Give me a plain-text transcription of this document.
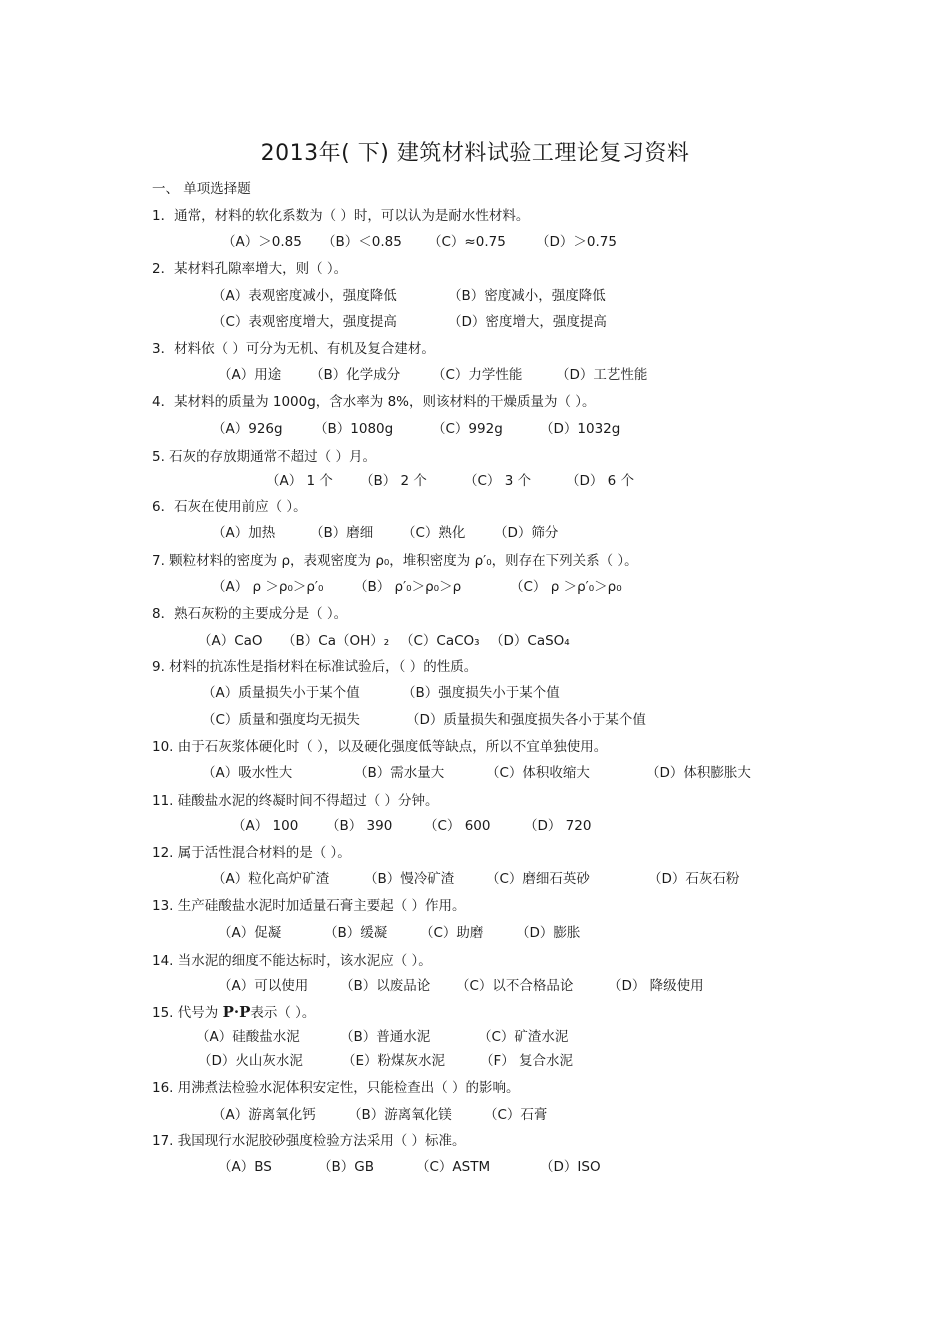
2013年( 下) 建筑材料试验工理论复习资料
一、 单项选择题
1．通常，材料的软化系数为（ ）时，可以认为是耐水性材料。
（A）＞0.85 （B）＜0.85 （C）≈0.75 （D）＞0.75
2．某材料孔隙率增大，则（ ）。
（A）表观密度减小，强度降低	（B）密度减小，强度降低
（C）表观密度增大，强度提高	（D）密度增大，强度提高
3．材料依（ ）可分为无机、有机及复合建材。
（A）用途 （B）化学成分 （C）力学性能 （D）工艺性能
4．某材料的质量为 1000g，含水率为 8%，则该材料的干燥质量为（ ）。
（A）926g （B）1080g	（C）992g	（D）1032g
5. 石灰的存放期通常不超过（ ）月。
（A） 1 个 （B） 2 个	（C） 3 个	（D） 6 个
6．石灰在使用前应（ ）。
（A）加热	（B）磨细 （C）熟化 （D）筛分
7. 颗粒材料的密度为 ρ，表观密度为 ρ₀，堆积密度为 ρ′₀，则存在下列关系（ ）。
（A） ρ ＞ρ₀＞ρ′₀ （B） ρ′₀＞ρ₀＞ρ	（C） ρ ＞ρ′₀＞ρ₀
8．熟石灰粉的主要成分是（ ）。
（A）CaO （B）Ca（OH）₂ （C）CaCO₃ （D）CaSO₄
9. 材料的抗冻性是指材料在标准试验后，（ ）的性质。
（A）质量损失小于某个值	（B）强度损失小于某个值
（C）质量和强度均无损失	（D）质量损失和强度损失各小于某个值
10. 由于石灰浆体硬化时（ ），以及硬化强度低等缺点，所以不宜单独使用。
（A）吸水性大	（B）需水量大	（C）体积收缩大	（D）体积膨胀大
11. 硅酸盐水泥的终凝时间不得超过（ ）分钟。
（A） 100 （B） 390 （C） 600 （D） 720
12. 属于活性混合材料的是（ ）。
（A）粒化高炉矿渣	（B）慢冷矿渣 （C）磨细石英砂	（D）石灰石粉
13. 生产硅酸盐水泥时加适量石膏主要起（ ）作用。
（A）促凝	（B）缓凝 （C）助磨 （D）膨胀
14. 当水泥的细度不能达标时，该水泥应（ ）。
（A）可以使用 （B）以废品论 （C）以不合格品论	（D） 降级使用
15. 代号为 P·P表示（ ）。
（A）硅酸盐水泥	（B）普通水泥	（C）矿渣水泥
（D）火山灰水泥	（E）粉煤灰水泥	（F） 复合水泥
16. 用沸煮法检验水泥体积安定性，只能检查出（ ）的影响。
（A）游离氧化钙 （B）游离氧化镁 （C）石膏
17. 我国现行水泥胶砂强度检验方法采用（ ）标准。
（A）BS	（B）GB	（C）ASTM	（D）ISO
